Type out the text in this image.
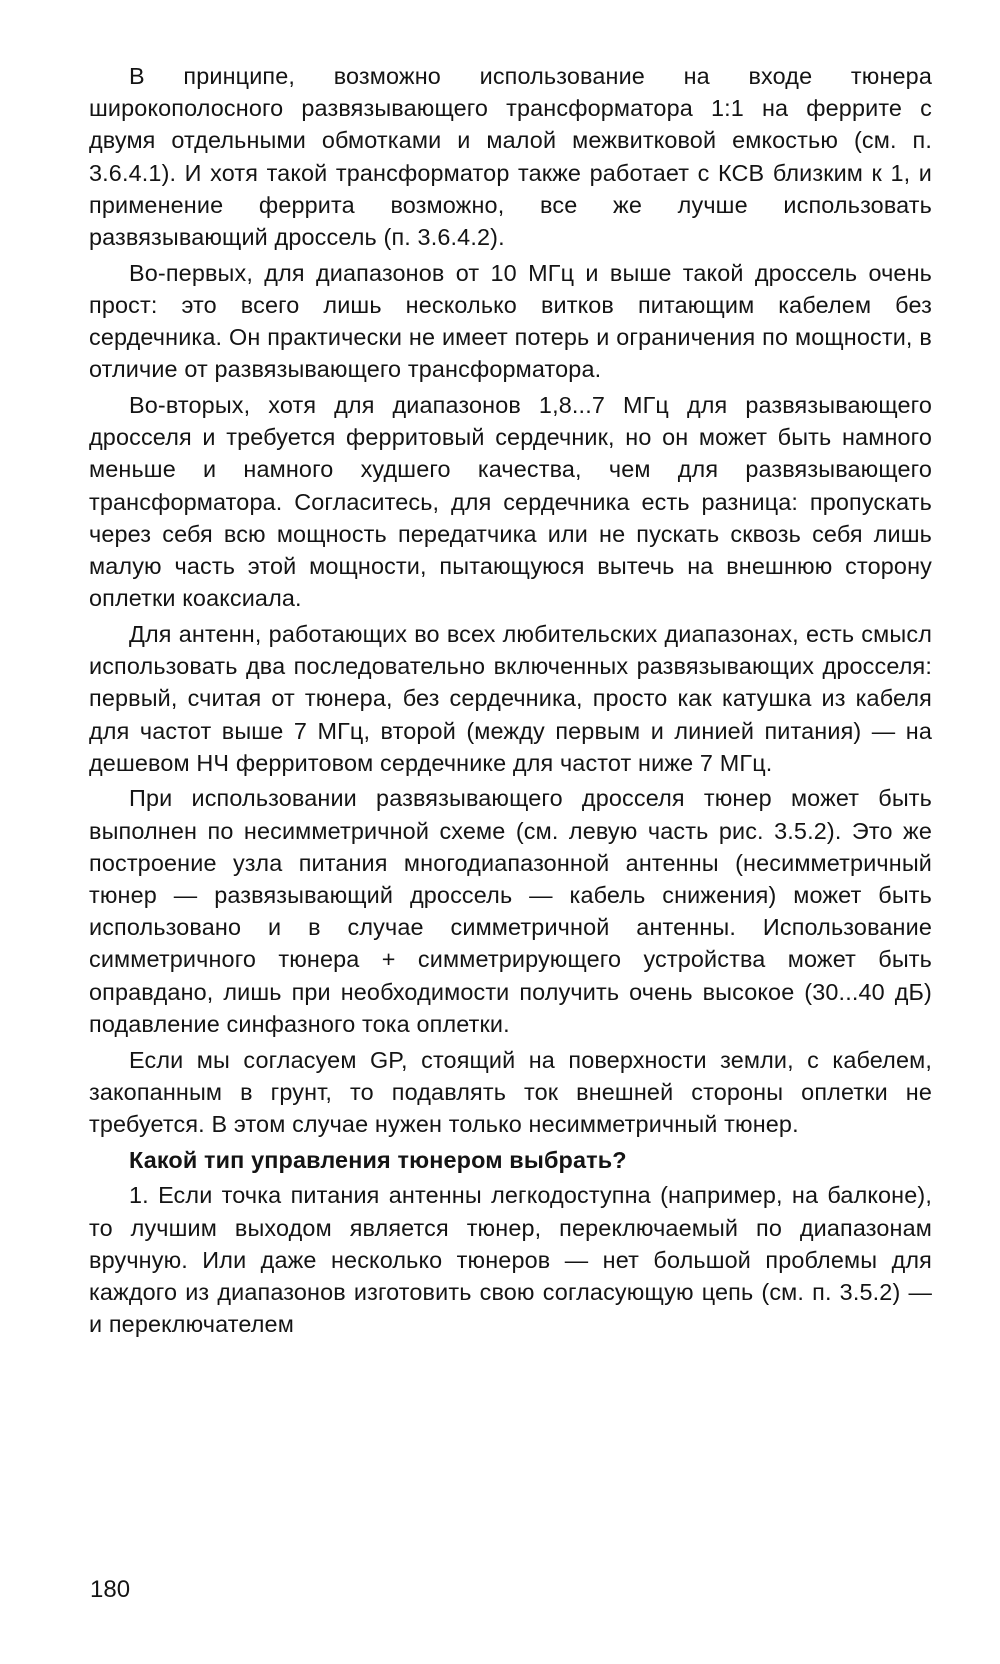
В принципе, возможно использование на входе тюнера широкополосного развязывающего трансформатора 1:1 на феррите с двумя отдельными обмотками и малой межвитковой емкостью (см. п. 3.6.4.1). И хотя такой трансформатор также работает с КСВ близким к 1, и применение феррита возможно, все же лучше использовать развязывающий дроссель (п. 3.6.4.2).

Во-первых, для диапазонов от 10 МГц и выше такой дроссель очень прост: это всего лишь несколько витков питающим кабелем без сердечника. Он практически не имеет потерь и ограничения по мощности, в отличие от развязывающего трансформатора.

Во-вторых, хотя для диапазонов 1,8...7 МГц для развязывающего дросселя и требуется ферритовый сердечник, но он может быть намного меньше и намного худшего качества, чем для развязывающего трансформатора. Согласитесь, для сердечника есть разница: пропускать через себя всю мощность передатчика или не пускать сквозь себя лишь малую часть этой мощности, пытающуюся вытечь на внешнюю сторону оплетки коаксиала.

Для антенн, работающих во всех любительских диапазонах, есть смысл использовать два последовательно включенных развязывающих дросселя: первый, считая от тюнера, без сердечника, просто как катушка из кабеля для частот выше 7 МГц, второй (между первым и линией питания) — на дешевом НЧ ферритовом сердечнике для частот ниже 7 МГц.

При использовании развязывающего дросселя тюнер может быть выполнен по несимметричной схеме (см. левую часть рис. 3.5.2). Это же построение узла питания многодиапазонной антенны (несимметричный тюнер — развязывающий дроссель — кабель снижения) может быть использовано и в случае симметричной антенны. Использование симметричного тюнера + симметрирующего устройства может быть оправдано, лишь при необходимости получить очень высокое (30...40 дБ) подавление синфазного тока оплетки.

Если мы согласуем GP, стоящий на поверхности земли, с кабелем, закопанным в грунт, то подавлять ток внешней стороны оплетки не требуется. В этом случае нужен только несимметричный тюнер.

Какой тип управления тюнером выбрать?

1. Если точка питания антенны легкодоступна (например, на балконе), то лучшим выходом является тюнер, переключаемый по диапазонам вручную. Или даже несколько тюнеров — нет большой проблемы для каждого из диапазонов изготовить свою согласующую цепь (см. п. 3.5.2) — и переключателем

180
